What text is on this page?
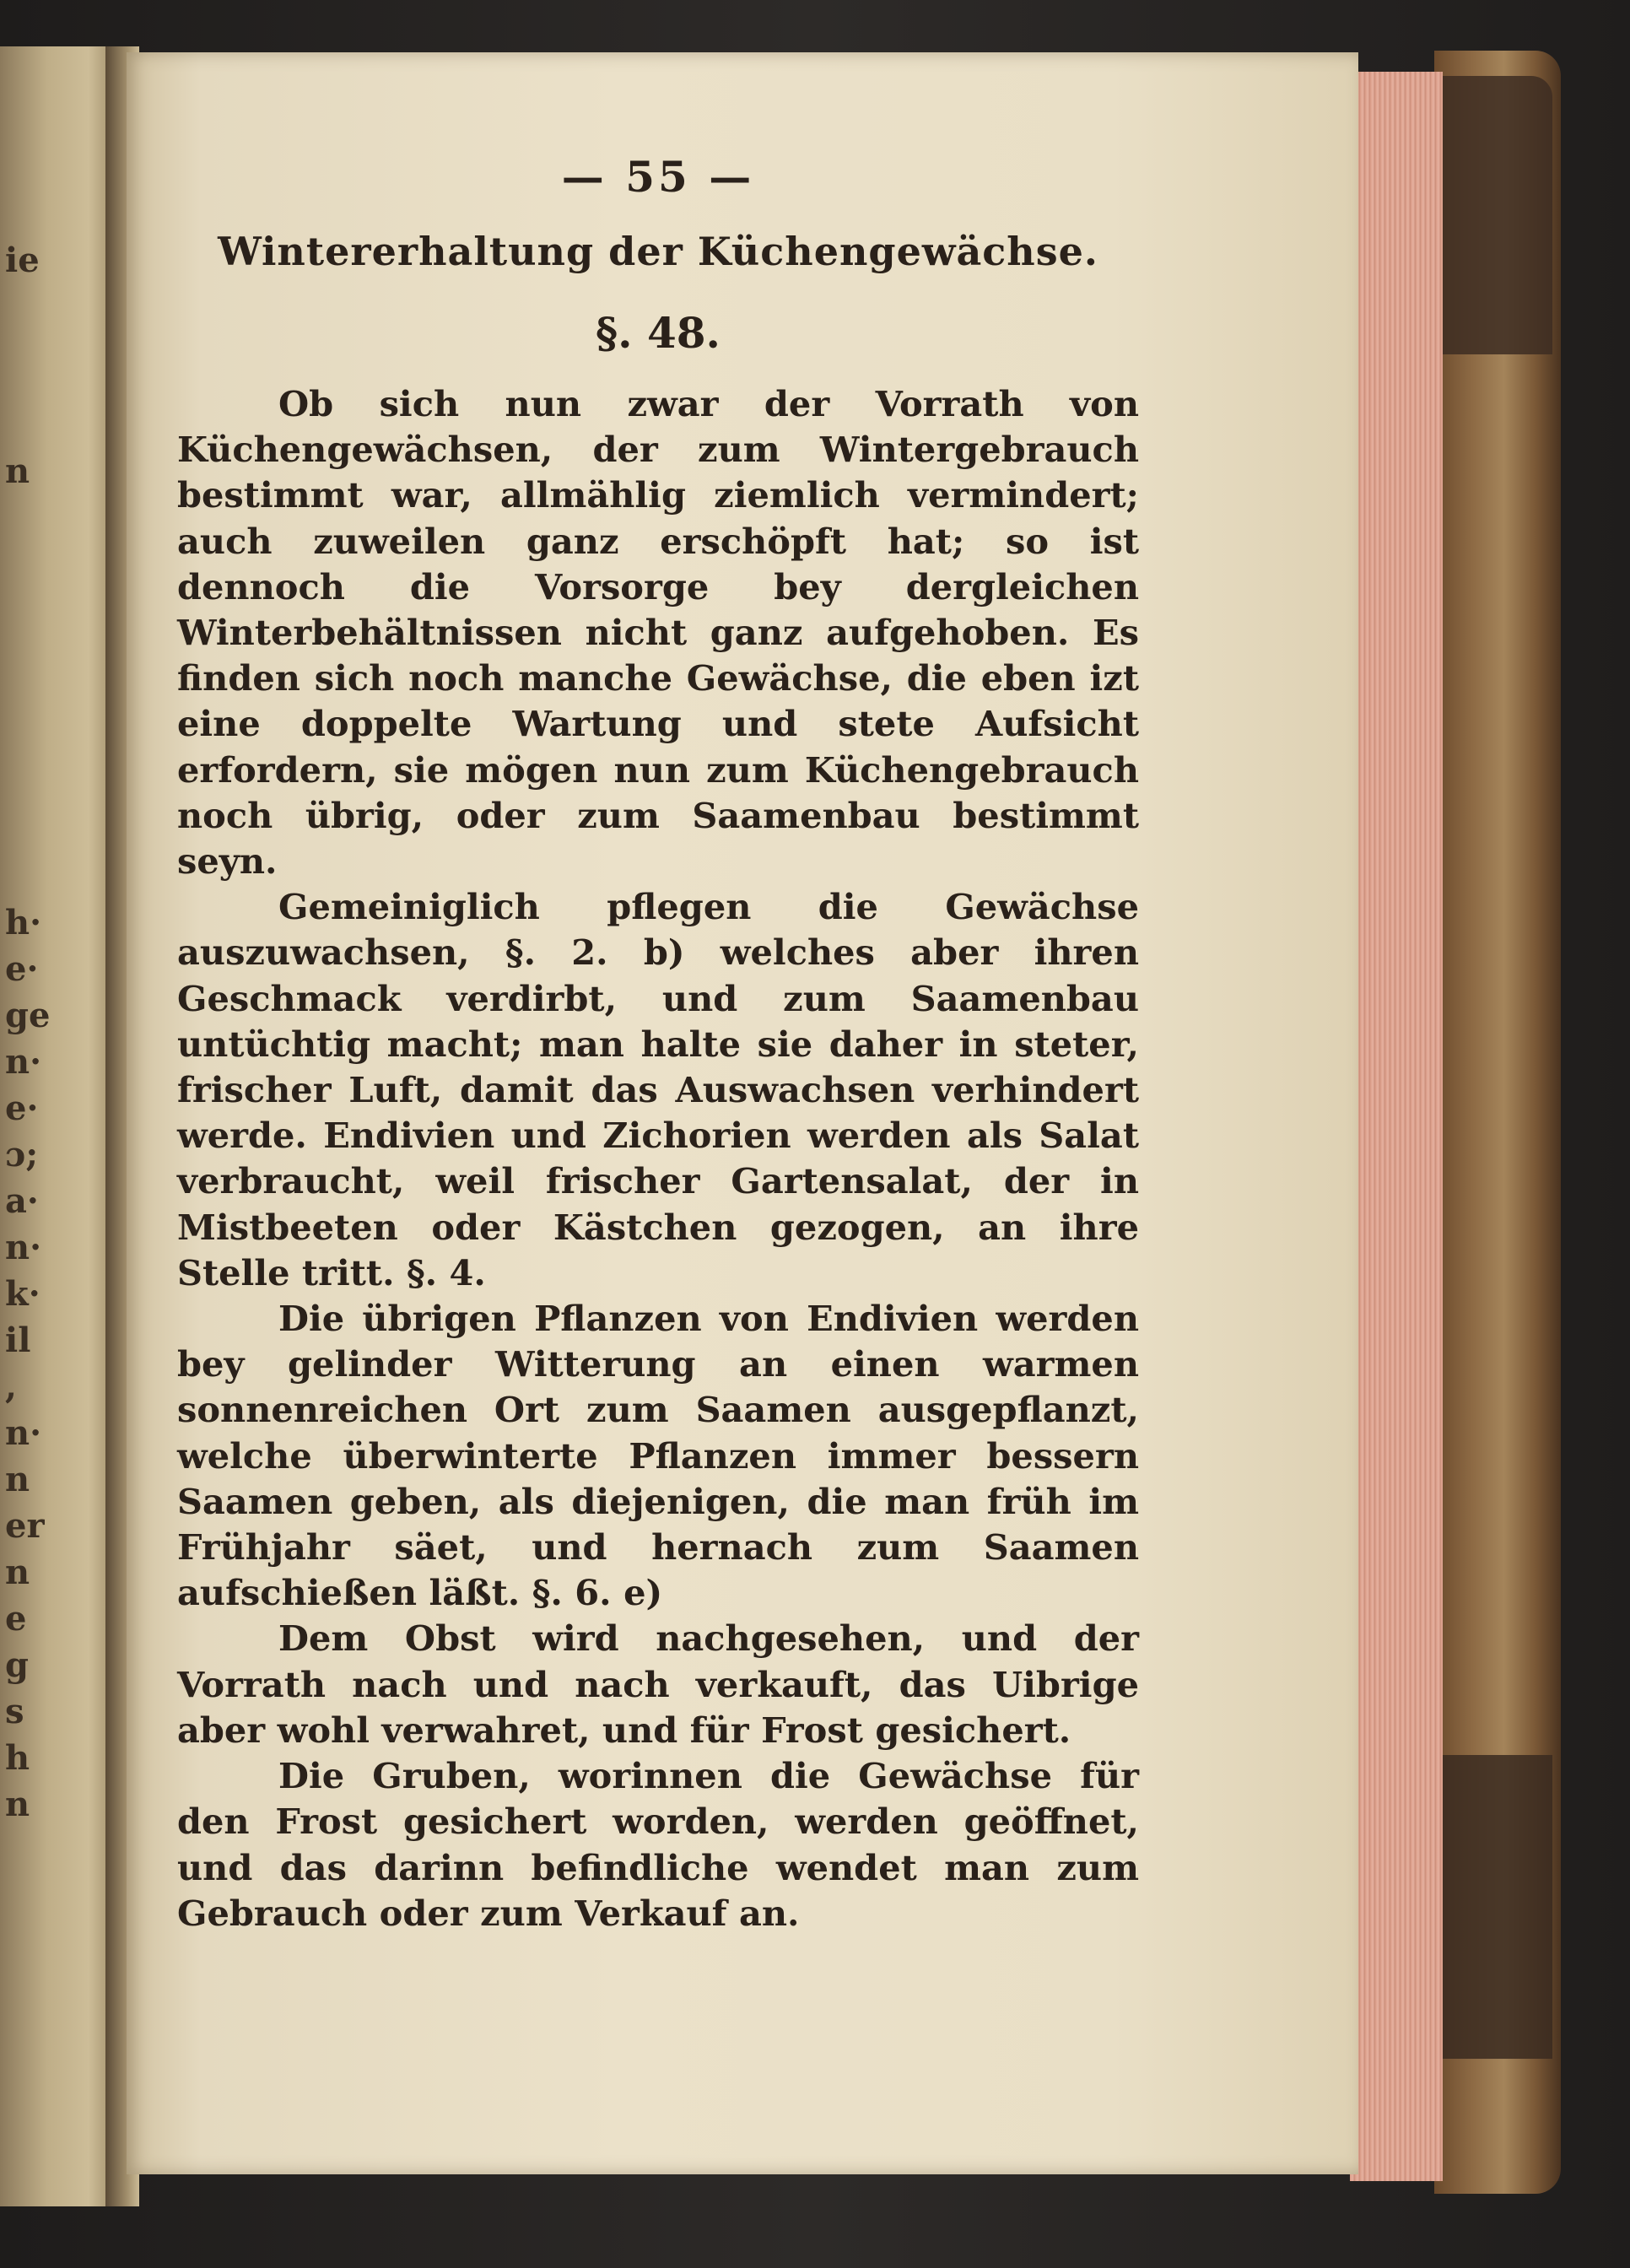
ie
n
h·
e·
ge
n·
e·
ɔ;
a·
n·
k·
il
,
n·
n
er
n
e
g
s
h
n
— 55 —
Wintererhaltung der Küchengewächse.
§. 48.

Ob sich nun zwar der Vorrath von Küchengewächsen, der zum Wintergebrauch bestimmt war, allmählig ziemlich vermindert; auch zuweilen ganz erschöpft hat; so ist dennoch die Vorsorge bey dergleichen Winterbehältnissen nicht ganz aufgehoben. Es finden sich noch manche Gewächse, die eben izt eine doppelte Wartung und stete Aufsicht erfordern, sie mögen nun zum Küchengebrauch noch übrig, oder zum Saamenbau bestimmt seyn.

Gemeiniglich pflegen die Gewächse auszuwachsen, §. 2. b) welches aber ihren Geschmack verdirbt, und zum Saamenbau untüchtig macht; man halte sie daher in steter, frischer Luft, damit das Auswachsen verhindert werde. Endivien und Zichorien werden als Salat verbraucht, weil frischer Gartensalat, der in Mistbeeten oder Kästchen gezogen, an ihre Stelle tritt. §. 4.

Die übrigen Pflanzen von Endivien werden bey gelinder Witterung an einen warmen sonnenreichen Ort zum Saamen ausgepflanzt, welche überwinterte Pflanzen immer bessern Saamen geben, als diejenigen, die man früh im Frühjahr säet, und hernach zum Saamen aufschießen läßt. §. 6. e)

Dem Obst wird nachgesehen, und der Vorrath nach und nach verkauft, das Uibrige aber wohl verwahret, und für Frost gesichert.

Die Gruben, worinnen die Gewächse für den Frost gesichert worden, werden geöffnet, und das darinn befindliche wendet man zum Gebrauch oder zum Verkauf an.
